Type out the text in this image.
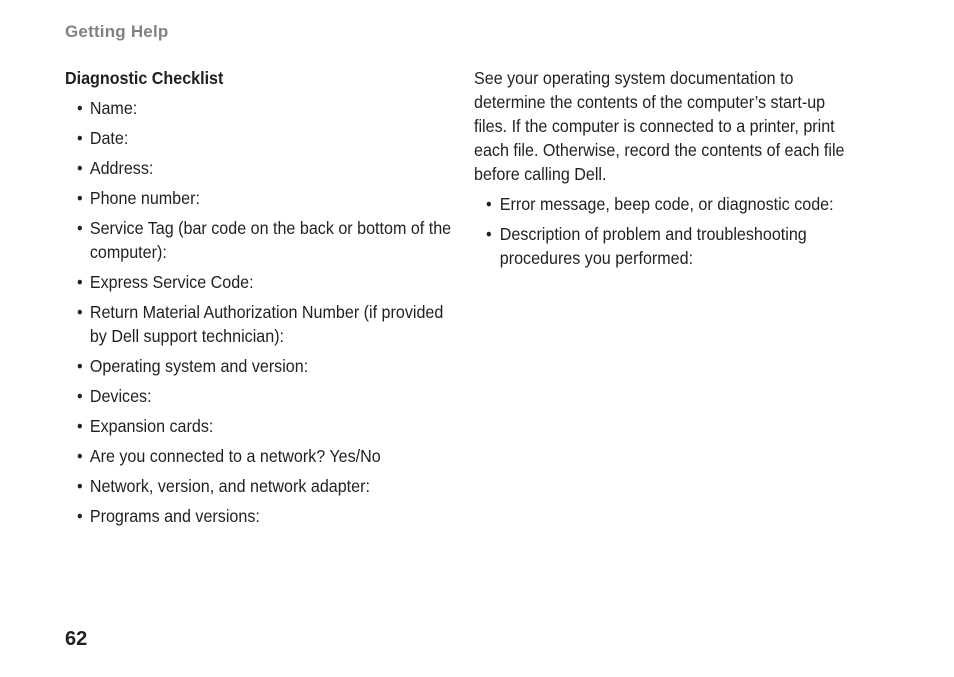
Getting Help
Diagnostic Checklist
• Name:
• Date:
• Address:
• Phone number:
• Service Tag (bar code on the back or bottom of the computer):
• Express Service Code:
• Return Material Authorization Number (if provided by Dell support technician):
• Operating system and version:
• Devices:
• Expansion cards:
• Are you connected to a network? Yes/No
• Network, version, and network adapter:
• Programs and versions:

See your operating system documentation to determine the contents of the computer’s start-up files. If the computer is connected to a printer, print each file. Otherwise, record the contents of each file before calling Dell.

• Error message, beep code, or diagnostic code:
• Description of problem and troubleshooting procedures you performed:
62
